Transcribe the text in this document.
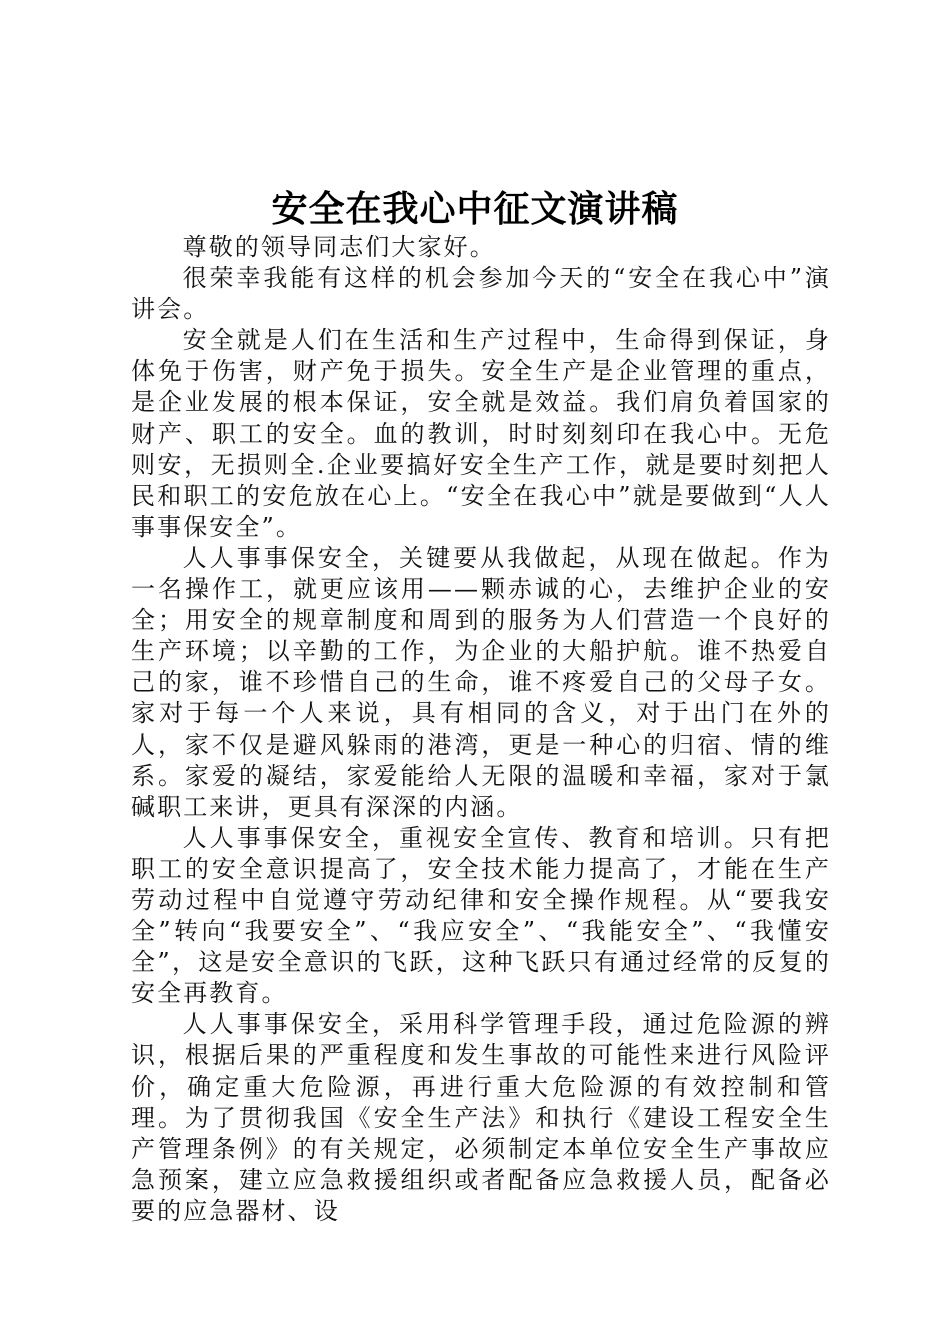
安全在我心中征文演讲稿

尊敬的领导同志们大家好。

很荣幸我能有这样的机会参加今天的“安全在我心中”演讲会。

安全就是人们在生活和生产过程中，生命得到保证，身体免于伤害，财产免于损失。安全生产是企业管理的重点，是企业发展的根本保证，安全就是效益。我们肩负着国家的财产、职工的安全。血的教训，时时刻刻印在我心中。无危则安，无损则全.企业要搞好安全生产工作，就是要时刻把人民和职工的安危放在心上。“安全在我心中”就是要做到“人人事事保安全”。

人人事事保安全，关键要从我做起，从现在做起。作为一名操作工，就更应该用——颗赤诚的心，去维护企业的安全；用安全的规章制度和周到的服务为人们营造一个良好的生产环境；以辛勤的工作，为企业的大船护航。谁不热爱自己的家，谁不珍惜自己的生命，谁不疼爱自己的父母子女。家对于每一个人来说，具有相同的含义，对于出门在外的人，家不仅是避风躲雨的港湾，更是一种心的归宿、情的维系。家爱的凝结，家爱能给人无限的温暖和幸福，家对于氯碱职工来讲，更具有深深的内涵。

人人事事保安全，重视安全宣传、教育和培训。只有把职工的安全意识提高了，安全技术能力提高了，才能在生产劳动过程中自觉遵守劳动纪律和安全操作规程。从“要我安全”转向“我要安全”、“我应安全”、“我能安全”、“我懂安全”，这是安全意识的飞跃，这种飞跃只有通过经常的反复的安全再教育。

人人事事保安全，采用科学管理手段，通过危险源的辨识，根据后果的严重程度和发生事故的可能性来进行风险评价，确定重大危险源，再进行重大危险源的有效控制和管理。为了贯彻我国《安全生产法》和执行《建设工程安全生产管理条例》的有关规定，必须制定本单位安全生产事故应急预案，建立应急救援组织或者配备应急救援人员，配备必要的应急器材、设
